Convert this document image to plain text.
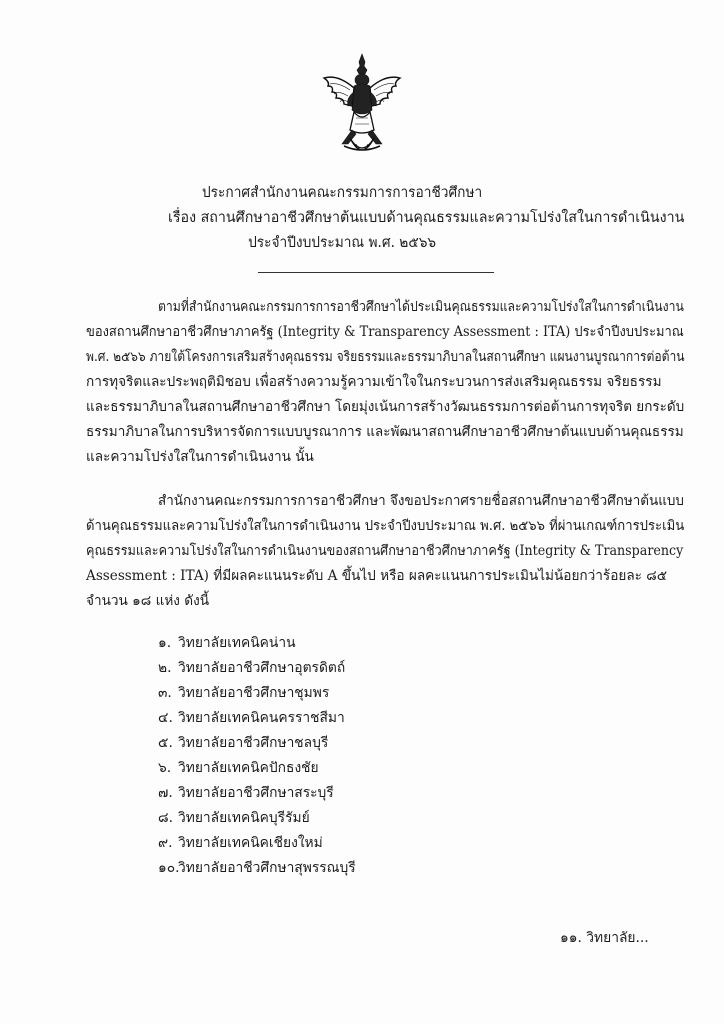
ประกาศสำนักงานคณะกรรมการการอาชีวศึกษา
เรื่อง สถานศึกษาอาชีวศึกษาต้นแบบด้านคุณธรรมและความโปร่งใสในการดำเนินงาน
ประจำปีงบประมาณ พ.ศ. ๒๕๖๖
ตามที่สำนักงานคณะกรรมการการอาชีวศึกษาได้ประเมินคุณธรรมและความโปร่งใสในการดำเนินงาน
ของสถานศึกษาอาชีวศึกษาภาครัฐ (Integrity & Transparency Assessment : ITA) ประจำปีงบประมาณ
พ.ศ. ๒๕๖๖ ภายใต้โครงการเสริมสร้างคุณธรรม จริยธรรมและธรรมาภิบาลในสถานศึกษา แผนงานบูรณาการต่อต้าน
การทุจริตและประพฤติมิชอบ เพื่อสร้างความรู้ความเข้าใจในกระบวนการส่งเสริมคุณธรรม จริยธรรม
และธรรมาภิบาลในสถานศึกษาอาชีวศึกษา โดยมุ่งเน้นการสร้างวัฒนธรรมการต่อต้านการทุจริต ยกระดับ
ธรรมาภิบาลในการบริหารจัดการแบบบูรณาการ และพัฒนาสถานศึกษาอาชีวศึกษาต้นแบบด้านคุณธรรม
และความโปร่งใสในการดำเนินงาน นั้น
สำนักงานคณะกรรมการการอาชีวศึกษา จึงขอประกาศรายชื่อสถานศึกษาอาชีวศึกษาต้นแบบ
ด้านคุณธรรมและความโปร่งใสในการดำเนินงาน ประจำปีงบประมาณ พ.ศ. ๒๕๖๖ ที่ผ่านเกณฑ์การประเมิน
คุณธรรมและความโปร่งใสในการดำเนินงานของสถานศึกษาอาชีวศึกษาภาครัฐ (Integrity & Transparency
Assessment : ITA) ที่มีผลคะแนนระดับ A ขึ้นไป หรือ ผลคะแนนการประเมินไม่น้อยกว่าร้อยละ ๘๕
จำนวน ๑๘ แห่ง ดังนี้
๑. วิทยาลัยเทคนิคน่าน
๒. วิทยาลัยอาชีวศึกษาอุตรดิตถ์
๓. วิทยาลัยอาชีวศึกษาชุมพร
๔. วิทยาลัยเทคนิคนครราชสีมา
๕. วิทยาลัยอาชีวศึกษาชลบุรี
๖. วิทยาลัยเทคนิคปักธงชัย
๗. วิทยาลัยอาชีวศึกษาสระบุรี
๘. วิทยาลัยเทคนิคบุรีรัมย์
๙. วิทยาลัยเทคนิคเชียงใหม่
๑๐.วิทยาลัยอาชีวศึกษาสุพรรณบุรี
๑๑. วิทยาลัย...
